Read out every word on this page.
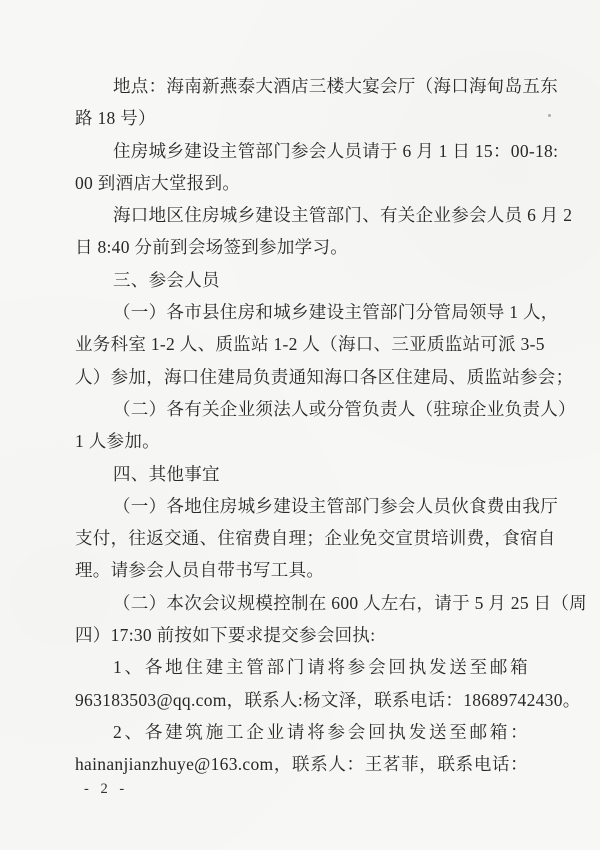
地点：海南新燕泰大酒店三楼大宴会厅（海口海甸岛五东
路 18 号）
住房城乡建设主管部门参会人员请于 6 月 1 日 15：00-18:
00 到酒店大堂报到。
海口地区住房城乡建设主管部门、有关企业参会人员 6 月 2
日 8:40 分前到会场签到参加学习。
三、参会人员
（一）各市县住房和城乡建设主管部门分管局领导 1 人，
业务科室 1-2 人、质监站 1-2 人（海口、三亚质监站可派 3-5
人）参加，海口住建局负责通知海口各区住建局、质监站参会；
（二）各有关企业须法人或分管负责人（驻琼企业负责人）
1 人参加。
四、其他事宜
（一）各地住房城乡建设主管部门参会人员伙食费由我厅
支付，往返交通、住宿费自理；企业免交宣贯培训费，食宿自
理。请参会人员自带书写工具。
（二）本次会议规模控制在 600 人左右，请于 5 月 25 日（周
四）17:30 前按如下要求提交参会回执:
1、各地住建主管部门请将参会回执发送至邮箱
963183503@qq.com，联系人:杨文泽，联系电话：18689742430。
2、各建筑施工企业请将参会回执发送至邮箱：
hainanjianzhuye@163.com，联系人：王茗菲，联系电话：
- 2 -
